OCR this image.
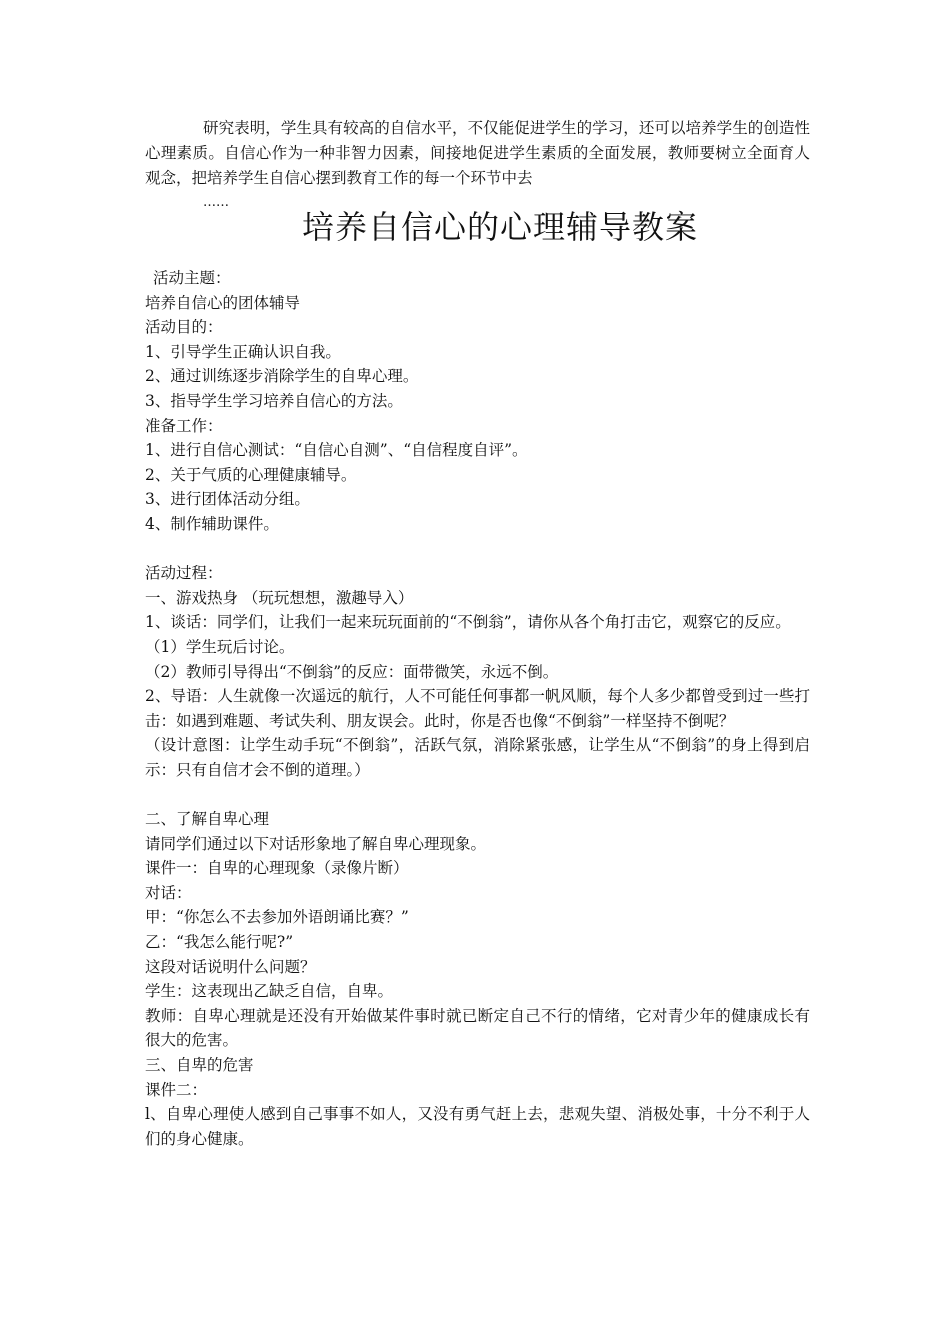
研究表明，学生具有较高的自信水平，不仅能促进学生的学习，还可以培养学生的创造性心理素质。自信心作为一种非智力因素，间接地促进学生素质的全面发展，教师要树立全面育人观念，把培养学生自信心摆到教育工作的每一个环节中去
……
培养自信心的心理辅导教案
活动主题：
培养自信心的团体辅导
活动目的：
1、引导学生正确认识自我。
2、通过训练逐步消除学生的自卑心理。
3、指导学生学习培养自信心的方法。
准备工作：
1、进行自信心测试：“自信心自测”、“自信程度自评”。
2、关于气质的心理健康辅导。
3、进行团体活动分组。
4、制作辅助课件。
活动过程：
一、游戏热身 （玩玩想想，激趣导入）
1、谈话：同学们，让我们一起来玩玩面前的“不倒翁”，请你从各个角打击它，观察它的反应。
（1）学生玩后讨论。
（2）教师引导得出“不倒翁”的反应：面带微笑，永远不倒。
2、导语：人生就像一次遥远的航行，人不可能任何事都一帆风顺，每个人多少都曾受到过一些打击：如遇到难题、考试失利、朋友误会。此时，你是否也像“不倒翁”一样坚持不倒呢？
（设计意图：让学生动手玩“不倒翁”，活跃气氛，消除紧张感，让学生从“不倒翁”的身上得到启示：只有自信才会不倒的道理。）
二、了解自卑心理
请同学们通过以下对话形象地了解自卑心理现象。
课件一：自卑的心理现象（录像片断）
对话：
甲：“你怎么不去参加外语朗诵比赛？”
乙：“我怎么能行呢?”
这段对话说明什么问题？
学生：这表现出乙缺乏自信，自卑。
教师：自卑心理就是还没有开始做某件事时就已断定自己不行的情绪，它对青少年的健康成长有很大的危害。
三、自卑的危害
课件二：
l、自卑心理使人感到自己事事不如人，又没有勇气赶上去，悲观失望、消极处事，十分不利于人们的身心健康。
